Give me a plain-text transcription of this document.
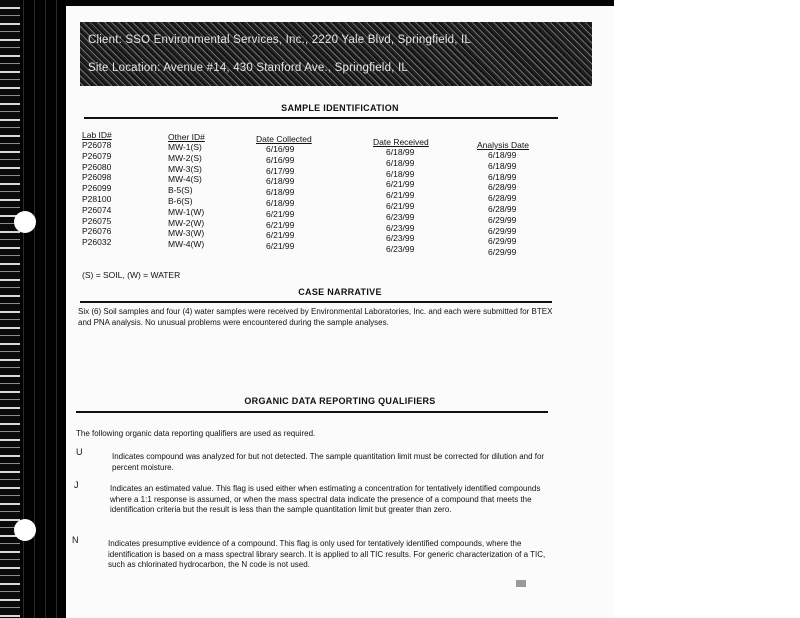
Client: SSO Environmental Services, Inc., 2220 Yale Blvd, Springfield, IL
Site Location: Avenue #14, 430 Stanford Ave., Springfield, IL
SAMPLE IDENTIFICATION
Lab ID#	Other ID#	Date Collected	Date Received	Analysis Date
P26078	MW-1(S)	6/16/99	6/18/99	6/18/99
P26079	MW-2(S)	6/16/99	6/18/99	6/18/99
P26080	MW-3(S)	6/17/99	6/18/99	6/18/99
P26098	MW-4(S)	6/18/99	6/21/99	6/28/99
P26099	B-5(S)	6/18/99	6/21/99	6/28/99
P28100	B-6(S)	6/18/99	6/21/99	6/28/99
P26074	MW-1(W)	6/21/99	6/23/99	6/29/99
P26075	MW-2(W)	6/21/99	6/23/99	6/29/99
P26076	MW-3(W)	6/21/99	6/23/99	6/29/99
P26032	MW-4(W)	6/21/99	6/23/99	6/29/99
(S) = SOIL, (W) = WATER
CASE NARRATIVE
Six (6) Soil samples and four (4) water samples were received by Environmental Laboratories, Inc. and each were submitted for BTEX and PNA analysis. No unusual problems were encountered during the sample analyses.
ORGANIC DATA REPORTING QUALIFIERS
The following organic data reporting qualifiers are used as required.
U	Indicates compound was analyzed for but not detected. The sample quantitation limit must be corrected for dilution and for percent moisture.
J	Indicates an estimated value. This flag is used either when estimating a concentration for tentatively identified compounds where a 1:1 response is assumed, or when the mass spectral data indicate the presence of a compound that meets the identification criteria but the result is less than the sample quantitation limit but greater than zero.
N	Indicates presumptive evidence of a compound. This flag is only used for tentatively identified compounds, where the identification is based on a mass spectral library search. It is applied to all TIC results. For generic characterization of a TIC, such as chlorinated hydrocarbon, the N code is not used.
